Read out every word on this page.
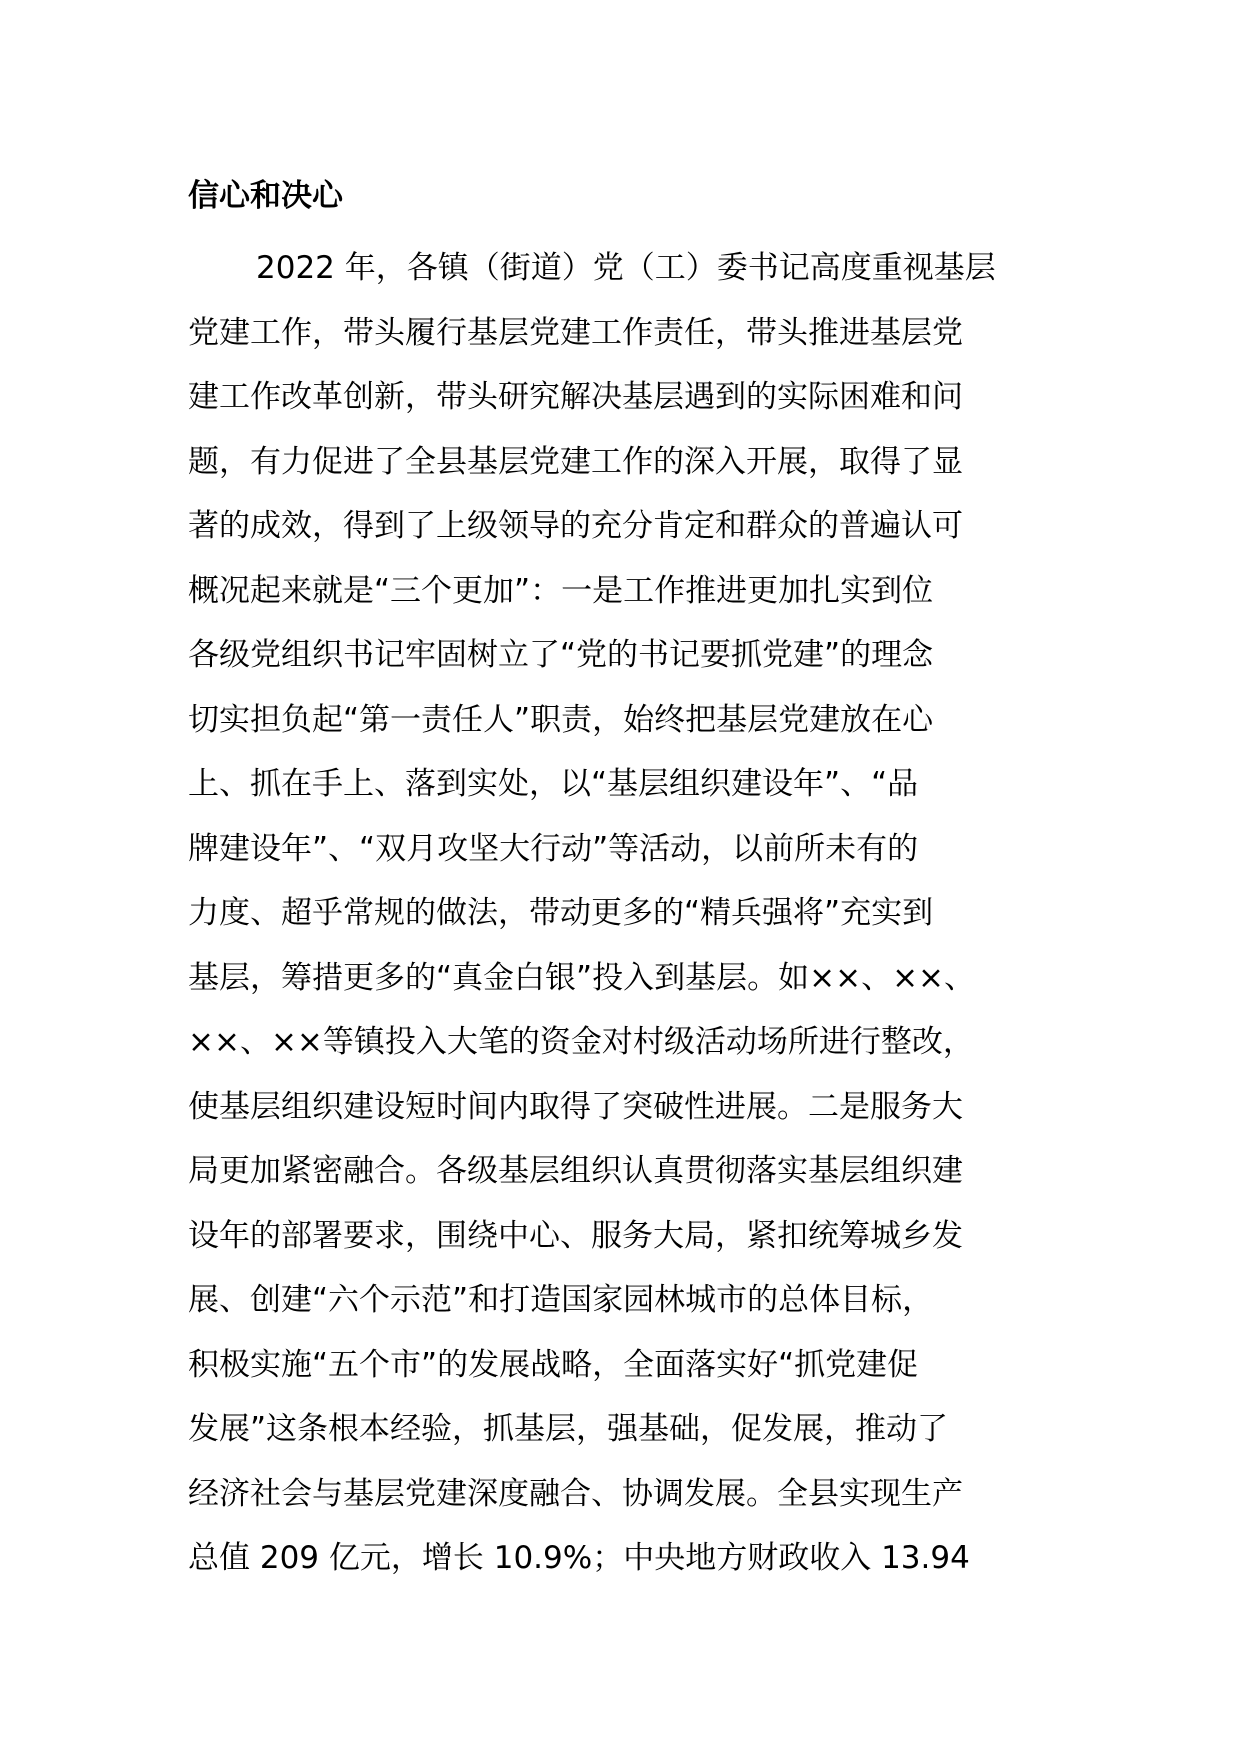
信心和决心
2022 年，各镇（街道）党（工）委书记高度重视基层
党建工作，带头履行基层党建工作责任，带头推进基层党
建工作改革创新，带头研究解决基层遇到的实际困难和问
题，有力促进了全县基层党建工作的深入开展，取得了显
著的成效，得到了上级领导的充分肯定和群众的普遍认可
概况起来就是“三个更加”：一是工作推进更加扎实到位
各级党组织书记牢固树立了“党的书记要抓党建”的理念
切实担负起“第一责任人”职责，始终把基层党建放在心
上、抓在手上、落到实处，以“基层组织建设年”、“品
牌建设年”、“双月攻坚大行动”等活动，以前所未有的
力度、超乎常规的做法，带动更多的“精兵强将”充实到
基层，筹措更多的“真金白银”投入到基层。如××、××、
××、××等镇投入大笔的资金对村级活动场所进行整改，
使基层组织建设短时间内取得了突破性进展。二是服务大
局更加紧密融合。各级基层组织认真贯彻落实基层组织建
设年的部署要求，围绕中心、服务大局，紧扣统筹城乡发
展、创建“六个示范”和打造国家园林城市的总体目标，
积极实施“五个市”的发展战略，全面落实好“抓党建促
发展”这条根本经验，抓基层，强基础，促发展，推动了
经济社会与基层党建深度融合、协调发展。全县实现生产
总值 209 亿元，增长 10.9%；中央地方财政收入 13.94
